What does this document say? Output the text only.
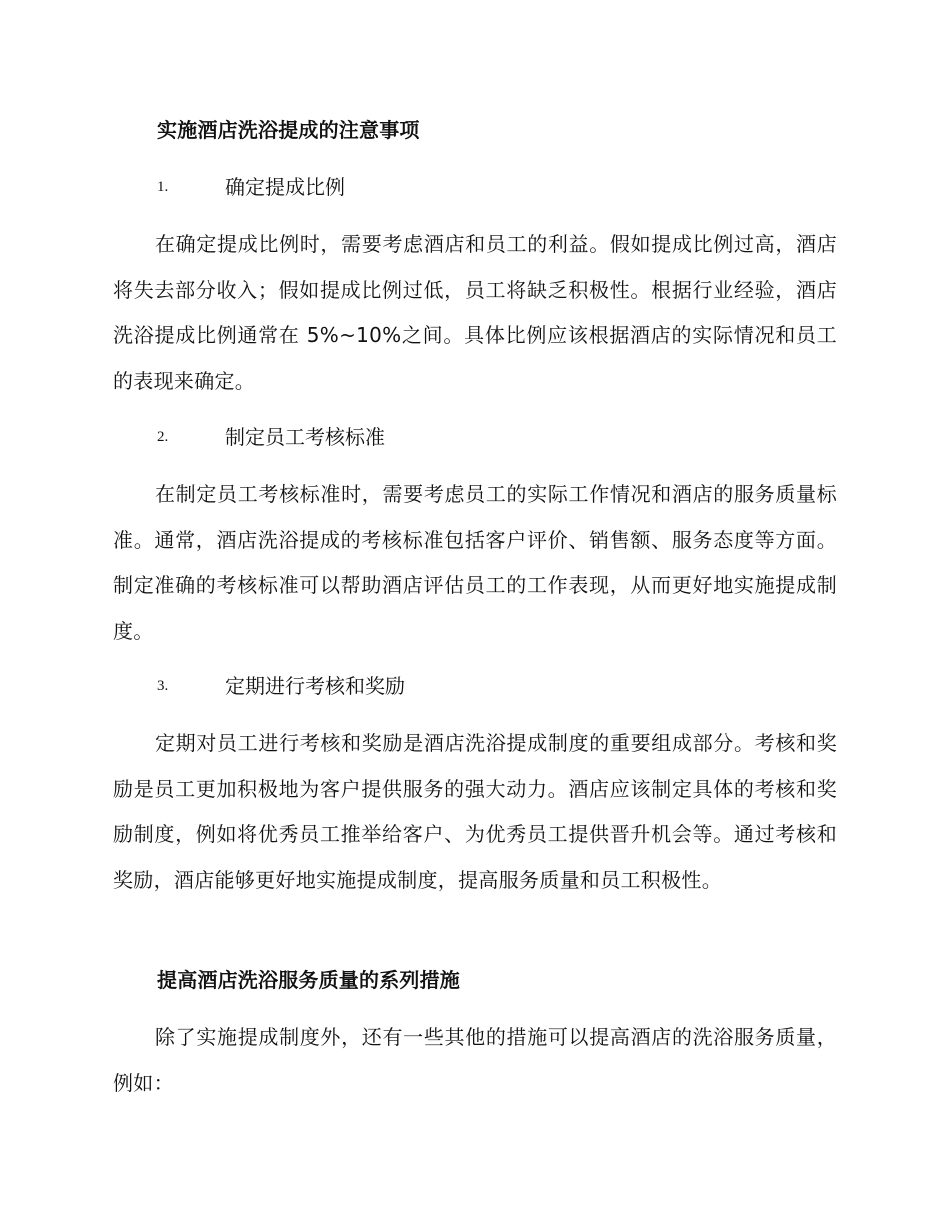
实施酒店洗浴提成的注意事项
1.	确定提成比例
在确定提成比例时，需要考虑酒店和员工的利益。假如提成比例过高，酒店将失去部分收入；假如提成比例过低，员工将缺乏积极性。根据行业经验，酒店洗浴提成比例通常在 5%~10%之间。具体比例应该根据酒店的实际情况和员工的表现来确定。
2.	制定员工考核标准
在制定员工考核标准时，需要考虑员工的实际工作情况和酒店的服务质量标准。通常，酒店洗浴提成的考核标准包括客户评价、销售额、服务态度等方面。制定准确的考核标准可以帮助酒店评估员工的工作表现，从而更好地实施提成制度。
3.	定期进行考核和奖励
定期对员工进行考核和奖励是酒店洗浴提成制度的重要组成部分。考核和奖励是员工更加积极地为客户提供服务的强大动力。酒店应该制定具体的考核和奖励制度，例如将优秀员工推举给客户、为优秀员工提供晋升机会等。通过考核和奖励，酒店能够更好地实施提成制度，提高服务质量和员工积极性。
提高酒店洗浴服务质量的系列措施
除了实施提成制度外，还有一些其他的措施可以提高酒店的洗浴服务质量，例如：
